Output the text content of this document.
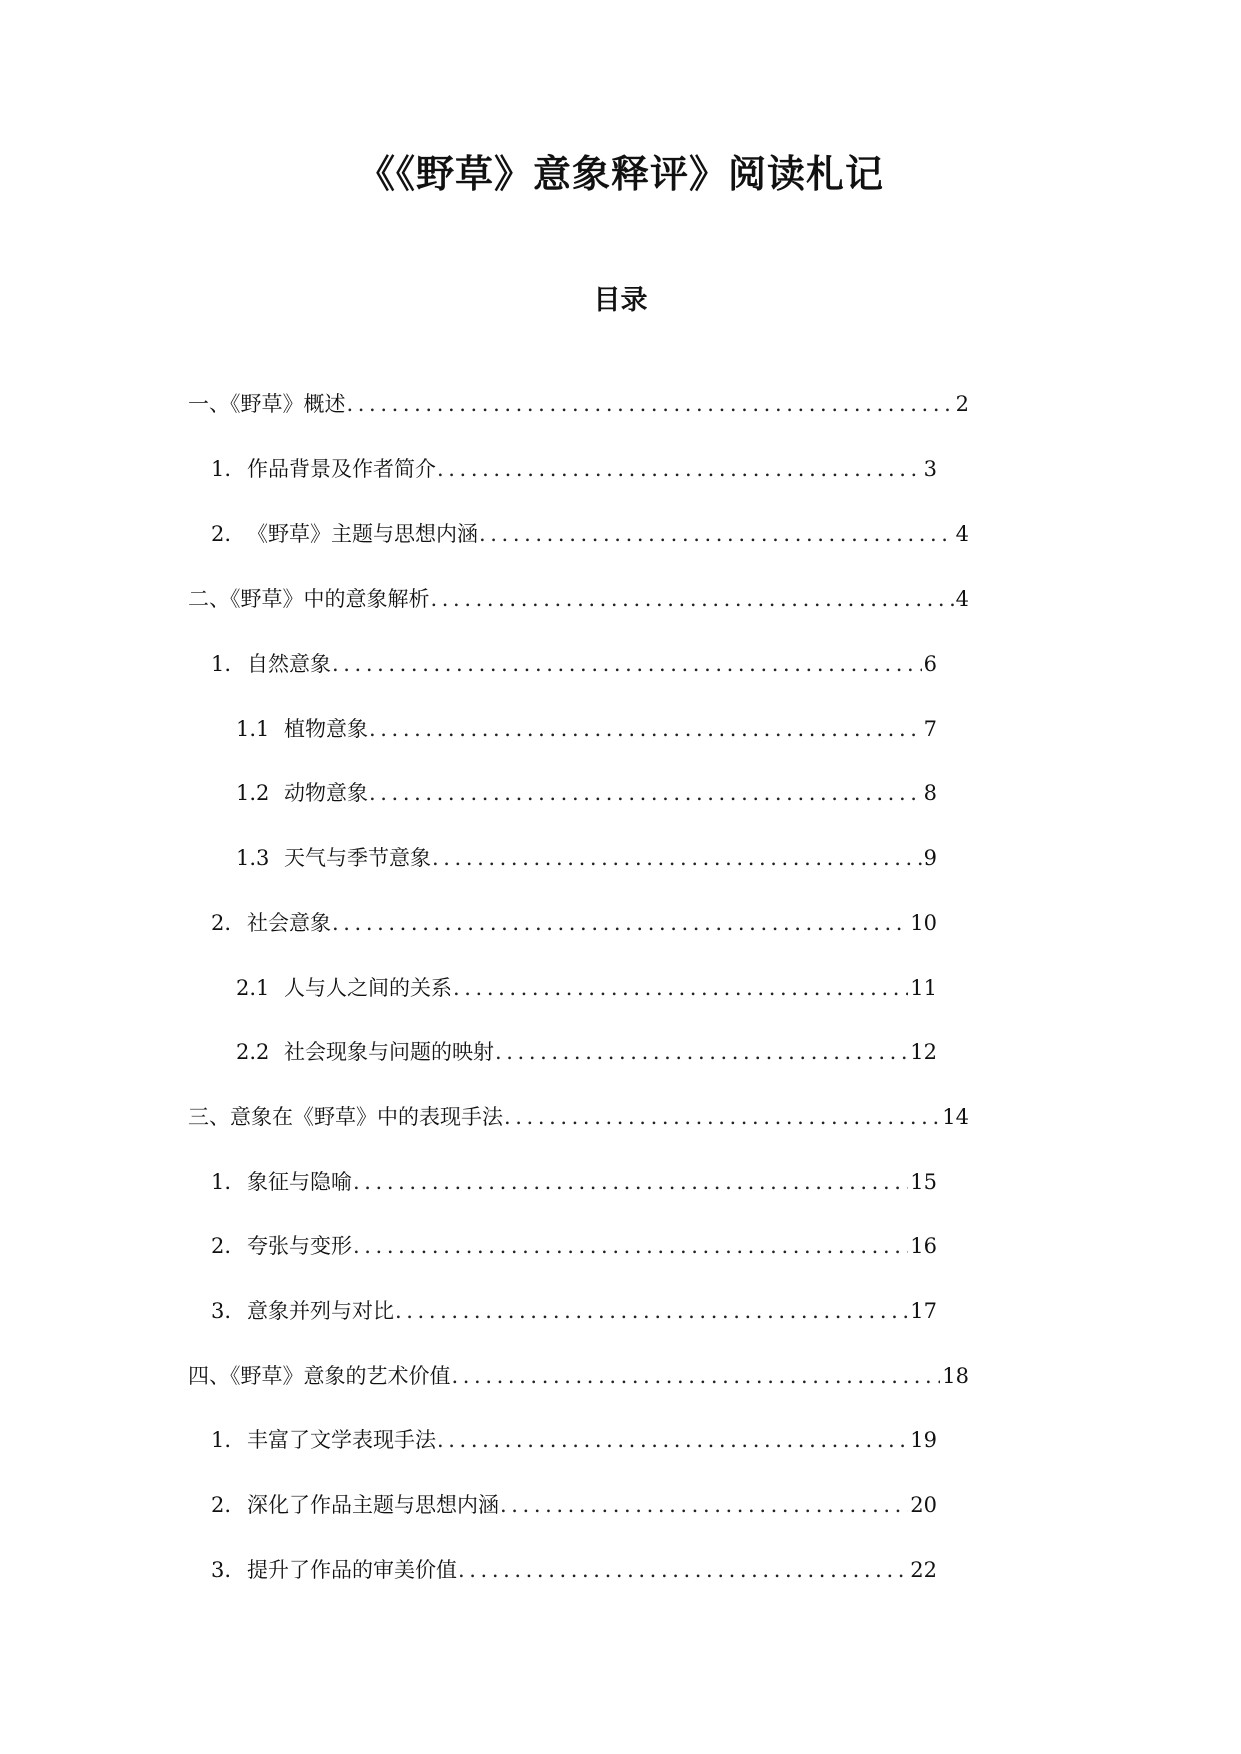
《《野草》意象释评》阅读札记
目录
一、《野草》概述 .....	2
1. 作品背景及作者简介 .....	3
2. 《野草》主题与思想内涵 .....	4
二、《野草》中的意象解析 .....	4
1. 自然意象 .....	6
1.1 植物意象 .....	7
1.2 动物意象 .....	8
1.3 天气与季节意象 .....	9
2. 社会意象 .....	10
2.1 人与人之间的关系 .....	11
2.2 社会现象与问题的映射 .....	12
三、意象在《野草》中的表现手法 .....	14
1. 象征与隐喻 .....	15
2. 夸张与变形 .....	16
3. 意象并列与对比 .....	17
四、《野草》意象的艺术价值 .....	18
1. 丰富了文学表现手法 .....	19
2. 深化了作品主题与思想内涵 .....	20
3. 提升了作品的审美价值 .....	22
